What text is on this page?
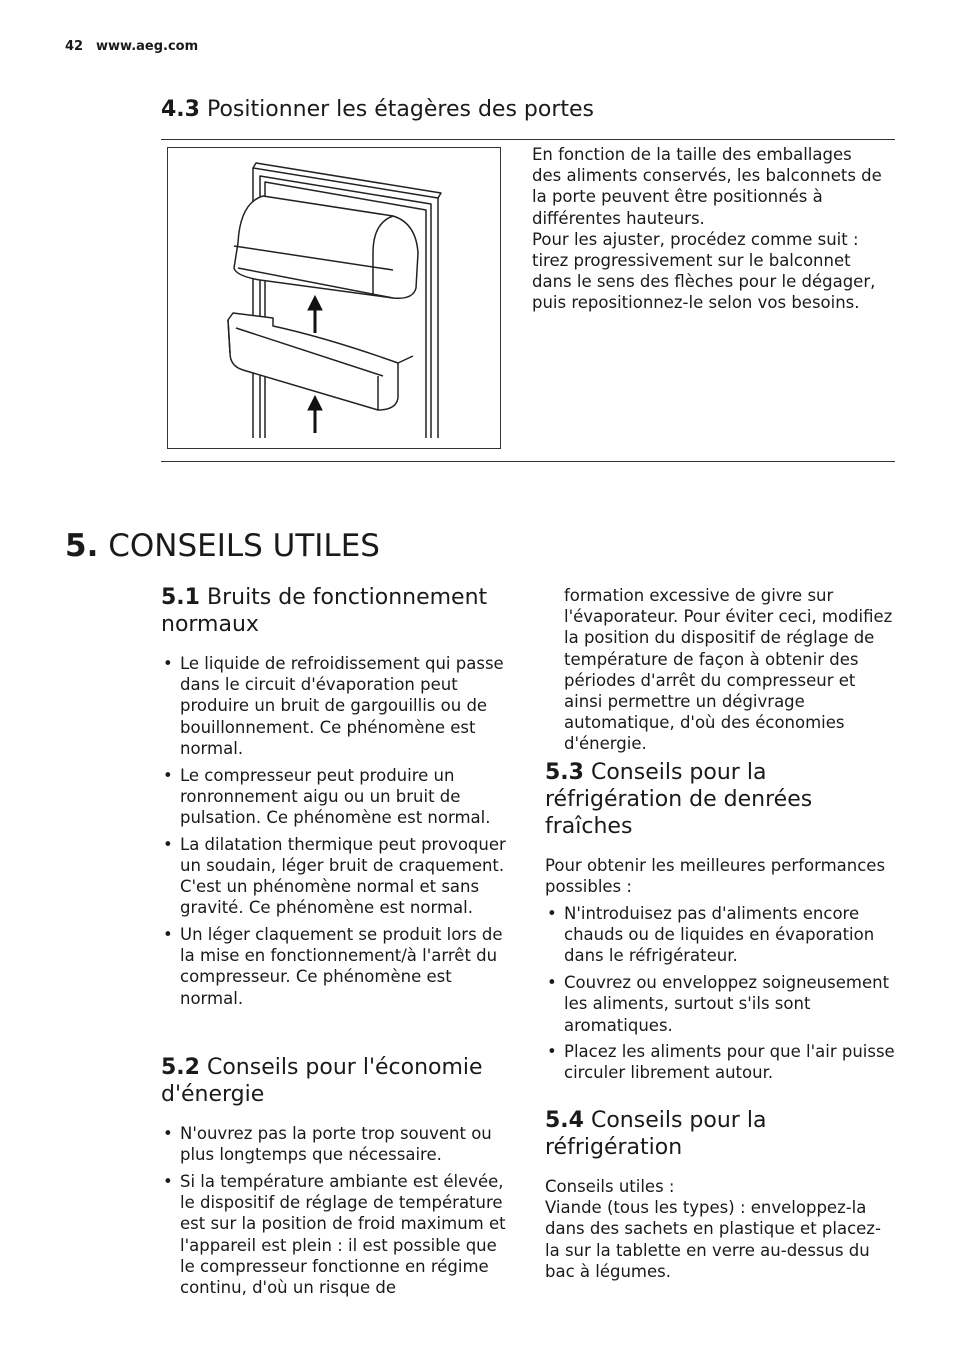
42 www.aeg.com
4.3 Positionner les étagères des portes

En fonction de la taille des emballages des aliments conservés, les balconnets de la porte peuvent être positionnés à différentes hauteurs.

Pour les ajuster, procédez comme suit : tirez progressivement sur le balconnet dans le sens des flèches pour le dégager, puis repositionnez-le selon vos besoins.

5. CONSEILS UTILES
5.1 Bruits de fonctionnement normaux
• Le liquide de refroidissement qui passe dans le circuit d'évaporation peut produire un bruit de gargouillis ou de bouillonnement. Ce phénomène est normal.
• Le compresseur peut produire un ronronnement aigu ou un bruit de pulsation. Ce phénomène est normal.
• La dilatation thermique peut provoquer un soudain, léger bruit de craquement. C'est un phénomène normal et sans gravité. Ce phénomène est normal.
• Un léger claquement se produit lors de la mise en fonctionnement/à l'arrêt du compresseur. Ce phénomène est normal.
5.2 Conseils pour l'économie d'énergie
• N'ouvrez pas la porte trop souvent ou plus longtemps que nécessaire.
• Si la température ambiante est élevée, le dispositif de réglage de température est sur la position de froid maximum et l'appareil est plein : il est possible que le compresseur fonctionne en régime continu, d'où un risque de

formation excessive de givre sur l'évaporateur. Pour éviter ceci, modifiez la position du dispositif de réglage de température de façon à obtenir des périodes d'arrêt du compresseur et ainsi permettre un dégivrage automatique, d'où des économies d'énergie.

5.3 Conseils pour la réfrigération de denrées fraîches

Pour obtenir les meilleures performances possibles :

• N'introduisez pas d'aliments encore chauds ou de liquides en évaporation dans le réfrigérateur.
• Couvrez ou enveloppez soigneusement les aliments, surtout s'ils sont aromatiques.
• Placez les aliments pour que l'air puisse circuler librement autour.
5.4 Conseils pour la réfrigération

Conseils utiles :

Viande (tous les types) : enveloppez-la dans des sachets en plastique et placez-la sur la tablette en verre au-dessus du bac à légumes.
